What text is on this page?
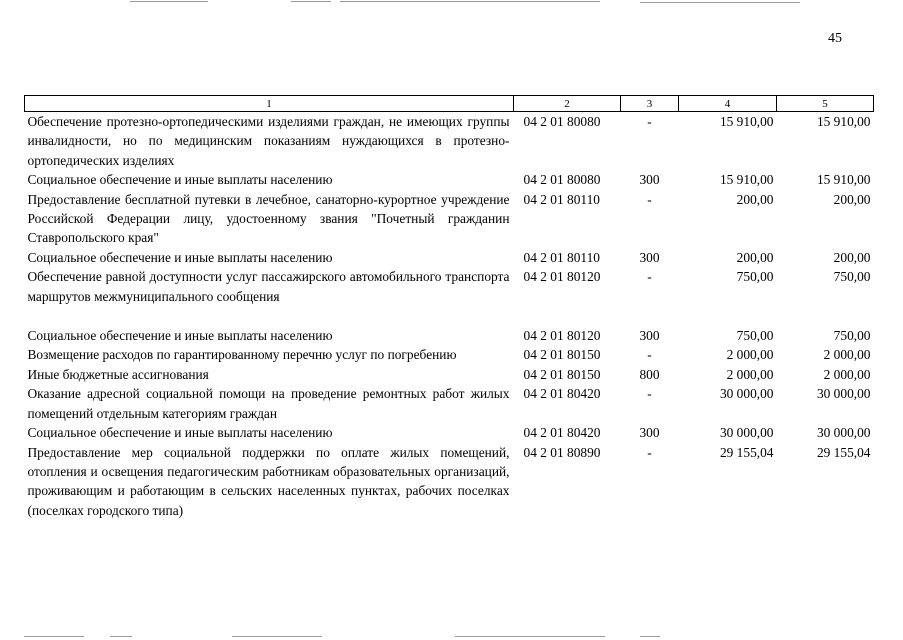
45
1	2	3	4	5
Обеспечение протезно-ортопедическими изделиями граждан, не имеющих группы инвалидности, но по медицинским показаниям нуждающихся в протезно-ортопедических изделиях	04 2 01 80080	-	15 910,00	15 910,00
Социальное обеспечение и иные выплаты населению	04 2 01 80080	300	15 910,00	15 910,00
Предоставление бесплатной путевки в лечебное, санаторно-курортное учреждение Российской Федерации лицу, удостоенному звания "Почетный гражданин Ставропольского края"	04 2 01 80110	-	200,00	200,00
Социальное обеспечение и иные выплаты населению	04 2 01 80110	300	200,00	200,00
Обеспечение равной доступности услуг пассажирского автомобильного транспорта маршрутов межмуниципального сообщения	04 2 01 80120	-	750,00	750,00

Социальное обеспечение и иные выплаты населению	04 2 01 80120	300	750,00	750,00
Возмещение расходов по гарантированному перечню услуг по погребению	04 2 01 80150	-	2 000,00	2 000,00
Иные бюджетные ассигнования	04 2 01 80150	800	2 000,00	2 000,00
Оказание адресной социальной помощи на проведение ремонтных работ жилых помещений отдельным категориям граждан	04 2 01 80420	-	30 000,00	30 000,00
Социальное обеспечение и иные выплаты населению	04 2 01 80420	300	30 000,00	30 000,00
Предоставление мер социальной поддержки по оплате жилых помещений, отопления и освещения педагогическим работникам образовательных организаций, проживающим и работающим в сельских населенных пунктах, рабочих поселках (поселках городского типа)	04 2 01 80890	-	29 155,04	29 155,04
